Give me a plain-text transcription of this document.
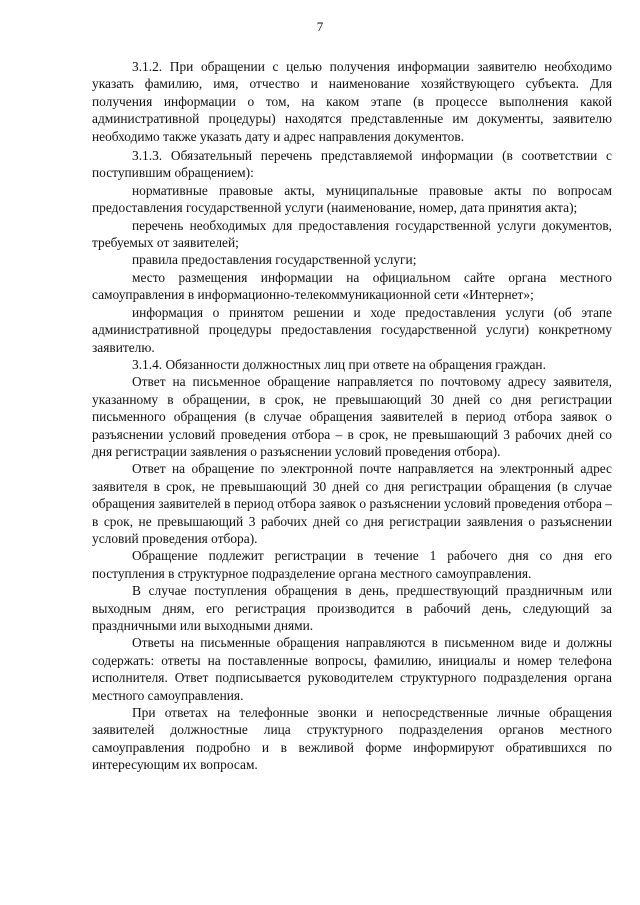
7

3.1.2. При обращении с целью получения информации заявителю необходимо указать фамилию, имя, отчество и наименование хозяйствующего субъекта. Для получения информации о том, на каком этапе (в процессе выполнения какой административной процедуры) находятся представленные им документы, заявителю необходимо также указать дату и адрес направления документов.

3.1.3. Обязательный перечень представляемой информации (в соответствии с поступившим обращением):

нормативные правовые акты, муниципальные правовые акты по вопросам предоставления государственной услуги (наименование, номер, дата принятия акта);

перечень необходимых для предоставления государственной услуги документов, требуемых от заявителей;

правила предоставления государственной услуги;

место размещения информации на официальном сайте органа местного самоуправления в информационно-телекоммуникационной сети «Интернет»;

информация о принятом решении и ходе предоставления услуги (об этапе административной процедуры предоставления государственной услуги) конкретному заявителю.

3.1.4. Обязанности должностных лиц при ответе на обращения граждан.

Ответ на письменное обращение направляется по почтовому адресу заявителя, указанному в обращении, в срок, не превышающий 30 дней со дня регистрации письменного обращения (в случае обращения заявителей в период отбора заявок о разъяснении условий проведения отбора – в срок, не превышающий 3 рабочих дней со дня регистрации заявления о разъяснении условий проведения отбора).

Ответ на обращение по электронной почте направляется на электронный адрес заявителя в срок, не превышающий 30 дней со дня регистрации обращения (в случае обращения заявителей в период отбора заявок о разъяснении условий проведения отбора – в срок, не превышающий 3 рабочих дней со дня регистрации заявления о разъяснении условий проведения отбора).

Обращение подлежит регистрации в течение 1 рабочего дня со дня его поступления в структурное подразделение органа местного самоуправления.

В случае поступления обращения в день, предшествующий праздничным или выходным дням, его регистрация производится в рабочий день, следующий за праздничными или выходными днями.

Ответы на письменные обращения направляются в письменном виде и должны содержать: ответы на поставленные вопросы, фамилию, инициалы и номер телефона исполнителя. Ответ подписывается руководителем структурного подразделения органа местного самоуправления.

При ответах на телефонные звонки и непосредственные личные обращения заявителей должностные лица структурного подразделения органов местного самоуправления подробно и в вежливой форме информируют обратившихся по интересующим их вопросам.
